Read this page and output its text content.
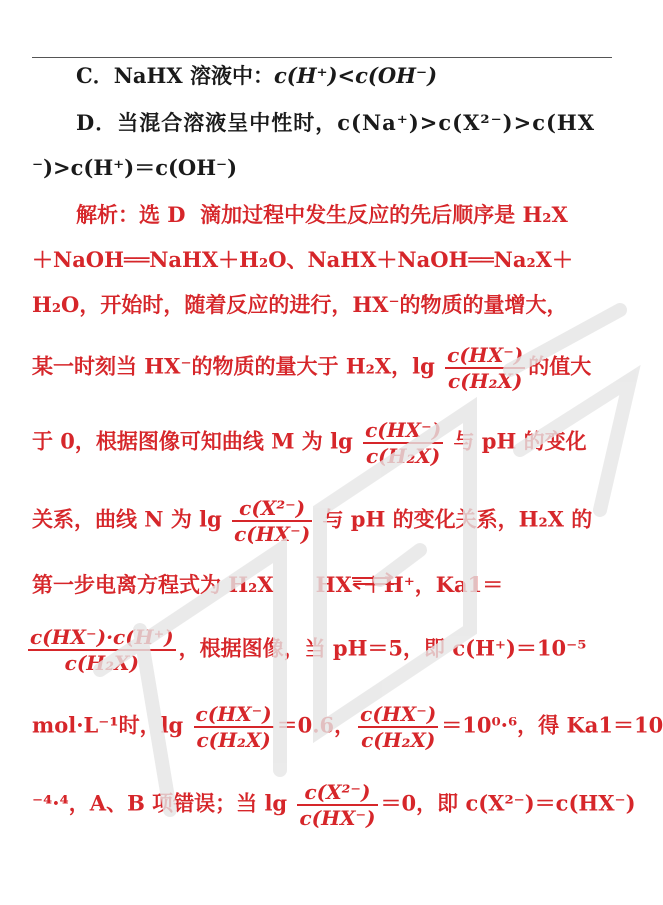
C．NaHX 溶液中：c(H⁺)<c(OH⁻)
D．当混合溶液呈中性时，c(Na⁺)>c(X²⁻)>c(HX
⁻)>c(H⁺)＝c(OH⁻)
解析：选 D 滴加过程中发生反应的先后顺序是 H₂X
＋NaOH══NaHX＋H₂O、NaHX＋NaOH══Na₂X＋
H₂O，开始时，随着反应的进行，HX⁻的物质的量增大，
某一时刻当 HX⁻的物质的量大于 H₂X，$\lg \frac{c(HX^-)}{\text{c(H₂X)}}$ 的值大
于 0，根据图像可知曲线 M 为 $\lg \frac{c(HX^-)}{\text{c(H₂X)}}$ 与 pH 的变化
关系，曲线 N 为 $\lg \frac{\text{c(X²⁻)}}{c(HX^-)}$ 与 pH 的变化关系，H₂X 的
第一步电离方程式为 H₂X　　HX⁻＋H⁺，Ka1＝
$\frac{c(HX^-)\cdot c(H^+)}{\text{c(H₂X)}}$ ，根据图像，当 pH＝5，即 c(H⁺)＝10⁻⁵
mol·L⁻¹时，$\lg \frac{c(HX^-)}{\text{c(H₂X)}} =0.6$， $\frac{c(HX^-)}{\text{c(H₂X)}} =10^0\cdot^6$，得 Ka1＝10
⁻⁴·⁴，A、B 项错误；当 $\lg \frac{\text{c(X²⁻)}}{c(HX^-)} =0$，即 c(X²⁻)＝c(HX⁻)
